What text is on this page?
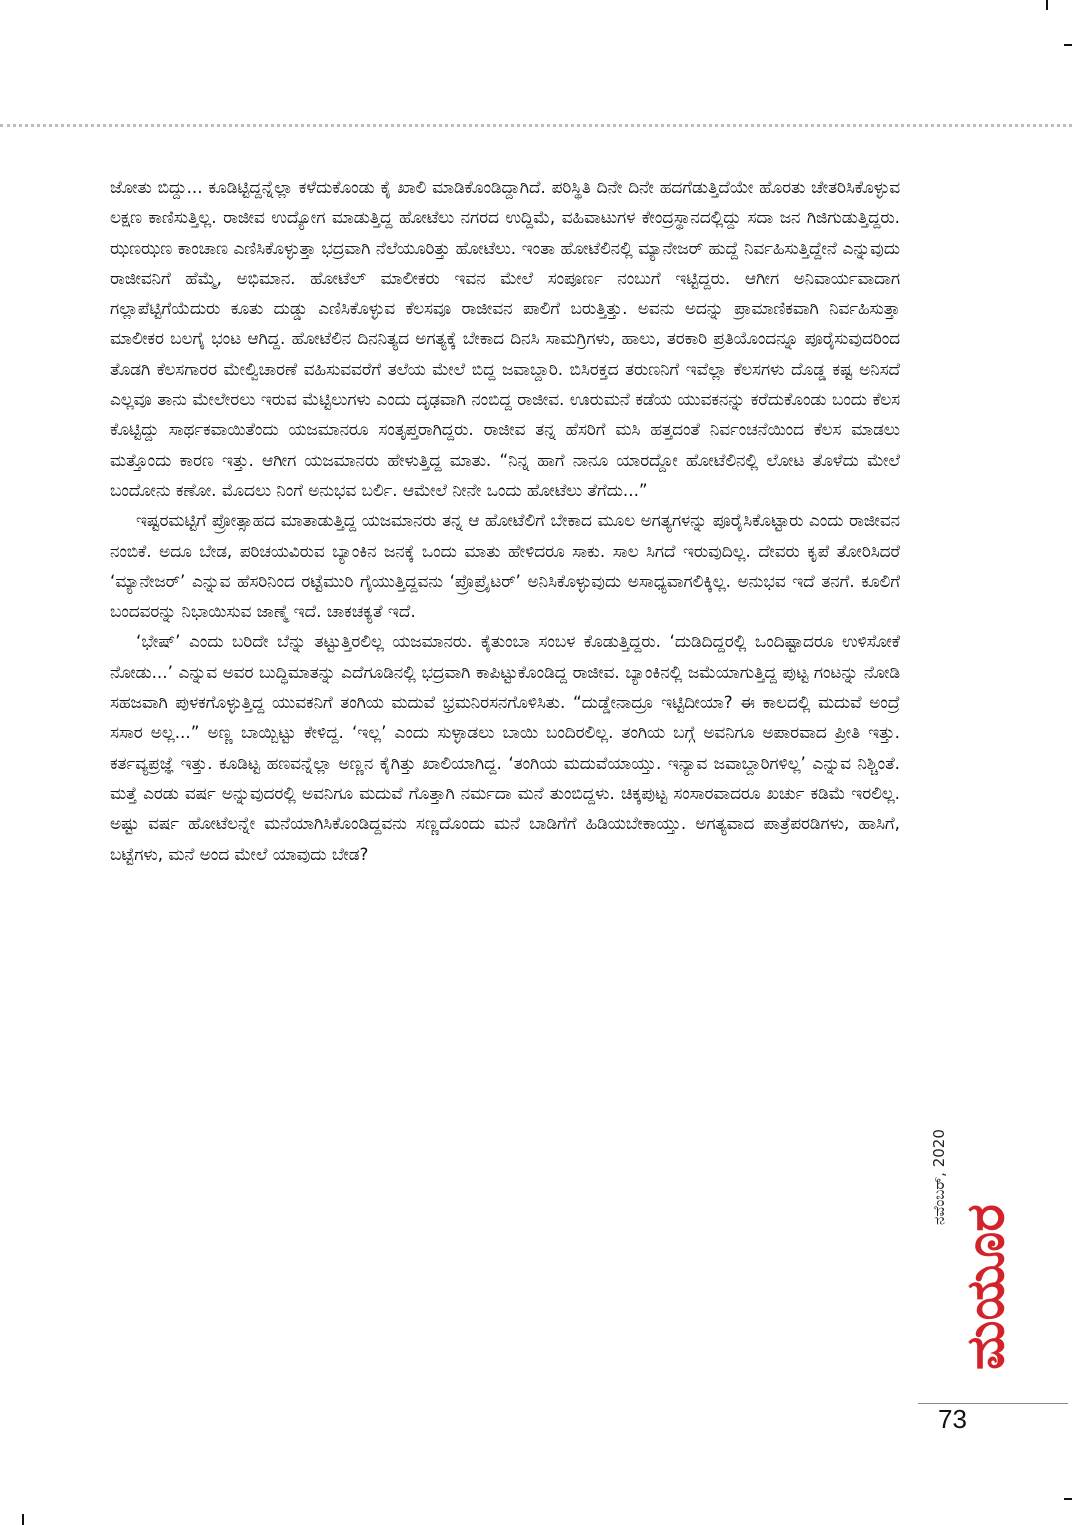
ಜೋತು ಬಿದ್ದು... ಕೂಡಿಟ್ಟಿದ್ದನ್ನೆಲ್ಲಾ ಕಳೆದುಕೊಂಡು ಕೈ ಖಾಲಿ ಮಾಡಿಕೊಂಡಿದ್ದಾಗಿದೆ. ಪರಿಸ್ಥಿತಿ ದಿನೇ ದಿನೇ ಹದಗೆಡುತ್ತಿದೆಯೇ ಹೊರತು ಚೇತರಿಸಿಕೊಳ್ಳುವ ಲಕ್ಷಣ ಕಾಣಿಸುತ್ತಿಲ್ಲ. ರಾಜೀವ ಉದ್ಯೋಗ ಮಾಡುತ್ತಿದ್ದ ಹೋಟೆಲು ನಗರದ ಉದ್ದಿಮೆ, ವಹಿವಾಟುಗಳ ಕೇಂದ್ರಸ್ಥಾನದಲ್ಲಿದ್ದು ಸದಾ ಜನ ಗಿಜಿಗುಡುತ್ತಿದ್ದರು. ಝಣಝಣ ಕಾಂಚಾಣ ಎಣಿಸಿಕೊಳ್ಳುತ್ತಾ ಭದ್ರವಾಗಿ ನೆಲೆಯೂರಿತ್ತು ಹೋಟೆಲು. ಇಂತಾ ಹೋಟೆಲಿನಲ್ಲಿ ಮ್ಯಾನೇಜರ್ ಹುದ್ದೆ ನಿರ್ವಹಿಸುತ್ತಿದ್ದೇನೆ ಎನ್ನುವುದು ರಾಜೀವನಿಗೆ ಹೆಮ್ಮೆ, ಅಭಿಮಾನ. ಹೋಟೆಲ್ ಮಾಲೀಕರು ಇವನ ಮೇಲೆ ಸಂಪೂರ್ಣ ನಂಬುಗೆ ಇಟ್ಟಿದ್ದರು. ಆಗೀಗ ಅನಿವಾರ್ಯವಾದಾಗ ಗಲ್ಲಾಪೆಟ್ಟಿಗೆಯೆದುರು ಕೂತು ದುಡ್ಡು ಎಣಿಸಿಕೊಳ್ಳುವ ಕೆಲಸವೂ ರಾಜೀವನ ಪಾಲಿಗೆ ಬರುತ್ತಿತ್ತು. ಅವನು ಅದನ್ನು ಪ್ರಾಮಾಣಿಕವಾಗಿ ನಿರ್ವಹಿಸುತ್ತಾ ಮಾಲೀಕರ ಬಲಗೈ ಭಂಟ ಆಗಿದ್ದ. ಹೋಟೆಲಿನ ದಿನನಿತ್ಯದ ಅಗತ್ಯಕ್ಕೆ ಬೇಕಾದ ದಿನಸಿ ಸಾಮಗ್ರಿಗಳು, ಹಾಲು, ತರಕಾರಿ ಪ್ರತಿಯೊಂದನ್ನೂ ಪೂರೈಸುವುದರಿಂದ ತೊಡಗಿ ಕೆಲಸಗಾರರ ಮೇಲ್ವಿಚಾರಣೆ ವಹಿಸುವವರೆಗೆ ತಲೆಯ ಮೇಲೆ ಬಿದ್ದ ಜವಾಬ್ದಾರಿ. ಬಿಸಿರಕ್ತದ ತರುಣನಿಗೆ ಇವೆಲ್ಲಾ ಕೆಲಸಗಳು ದೊಡ್ಡ ಕಷ್ಟ ಅನಿಸದೆ ಎಲ್ಲವೂ ತಾನು ಮೇಲೇರಲು ಇರುವ ಮೆಟ್ಟಿಲುಗಳು ಎಂದು ದೃಢವಾಗಿ ನಂಬಿದ್ದ ರಾಜೀವ. ಊರುಮನೆ ಕಡೆಯ ಯುವಕನನ್ನು ಕರೆದುಕೊಂಡು ಬಂದು ಕೆಲಸ ಕೊಟ್ಟಿದ್ದು ಸಾರ್ಥಕವಾಯಿತೆಂದು ಯಜಮಾನರೂ ಸಂತೃಪ್ತರಾಗಿದ್ದರು. ರಾಜೀವ ತನ್ನ ಹೆಸರಿಗೆ ಮಸಿ ಹತ್ತದಂತೆ ನಿರ್ವಂಚನೆಯಿಂದ ಕೆಲಸ ಮಾಡಲು ಮತ್ತೊಂದು ಕಾರಣ ಇತ್ತು. ಆಗೀಗ ಯಜಮಾನರು ಹೇಳುತ್ತಿದ್ದ ಮಾತು. “ನಿನ್ನ ಹಾಗೆ ನಾನೂ ಯಾರದ್ದೋ ಹೋಟೆಲಿನಲ್ಲಿ ಲೋಟ ತೊಳೆದು ಮೇಲೆ ಬಂದೋನು ಕಣೋ. ಮೊದಲು ನಿಂಗೆ ಅನುಭವ ಬರ್ಲಿ. ಆಮೇಲೆ ನೀನೇ ಒಂದು ಹೋಟೆಲು ತೆಗೆದು...”

ಇಷ್ಟರಮಟ್ಟಿಗೆ ಪ್ರೋತ್ಸಾಹದ ಮಾತಾಡುತ್ತಿದ್ದ ಯಜಮಾನರು ತನ್ನ ಆ ಹೋಟೆಲಿಗೆ ಬೇಕಾದ ಮೂಲ ಅಗತ್ಯಗಳನ್ನು ಪೂರೈಸಿಕೊಟ್ಟಾರು ಎಂದು ರಾಜೀವನ ನಂಬಿಕೆ. ಅದೂ ಬೇಡ, ಪರಿಚಯವಿರುವ ಬ್ಯಾಂಕಿನ ಜನಕ್ಕೆ ಒಂದು ಮಾತು ಹೇಳಿದರೂ ಸಾಕು. ಸಾಲ ಸಿಗದೆ ಇರುವುದಿಲ್ಲ. ದೇವರು ಕೃಪೆ ತೋರಿಸಿದರೆ ‘ಮ್ಯಾನೇಜರ್’ ಎನ್ನುವ ಹೆಸರಿನಿಂದ ರಟ್ಟೆಮುರಿ ಗೈಯುತ್ತಿದ್ದವನು ‘ಪ್ರೊಪ್ರೈಟರ್’ ಅನಿಸಿಕೊಳ್ಳುವುದು ಅಸಾಧ್ಯವಾಗಲಿಕ್ಕಿಲ್ಲ. ಅನುಭವ ಇದೆ ತನಗೆ. ಕೂಲಿಗೆ ಬಂದವರನ್ನು ನಿಭಾಯಿಸುವ ಜಾಣ್ಮೆ ಇದೆ. ಚಾಕಚಕ್ಯತೆ ಇದೆ.

‘ಭೇಷ್’ ಎಂದು ಬರಿದೇ ಬೆನ್ನು ತಟ್ಟುತ್ತಿರಲಿಲ್ಲ ಯಜಮಾನರು. ಕೈತುಂಬಾ ಸಂಬಳ ಕೊಡುತ್ತಿದ್ದರು. ‘ದುಡಿದಿದ್ದರಲ್ಲಿ ಒಂದಿಷ್ಟಾದರೂ ಉಳಿಸೋಕೆ ನೋಡು...’ ಎನ್ನುವ ಅವರ ಬುದ್ಧಿಮಾತನ್ನು ಎದೆಗೂಡಿನಲ್ಲಿ ಭದ್ರವಾಗಿ ಕಾಪಿಟ್ಟುಕೊಂಡಿದ್ದ ರಾಜೀವ. ಬ್ಯಾಂಕಿನಲ್ಲಿ ಜಮೆಯಾಗುತ್ತಿದ್ದ ಪುಟ್ಟ ಗಂಟನ್ನು ನೋಡಿ ಸಹಜವಾಗಿ ಪುಳಕಗೊಳ್ಳುತ್ತಿದ್ದ ಯುವಕನಿಗೆ ತಂಗಿಯ ಮದುವೆ ಭ್ರಮನಿರಸನಗೊಳಿಸಿತು. “ದುಡ್ಡೇನಾದ್ರೂ ಇಟ್ಟಿದೀಯಾ? ಈ ಕಾಲದಲ್ಲಿ ಮದುವೆ ಅಂದ್ರೆ ಸಸಾರ ಅಲ್ಲ...” ಅಣ್ಣ ಬಾಯ್ಬಿಟ್ಟು ಕೇಳಿದ್ದ. ‘ಇಲ್ಲ’ ಎಂದು ಸುಳ್ಳಾಡಲು ಬಾಯಿ ಬಂದಿರಲಿಲ್ಲ. ತಂಗಿಯ ಬಗ್ಗೆ ಅವನಿಗೂ ಅಪಾರವಾದ ಪ್ರೀತಿ ಇತ್ತು. ಕರ್ತವ್ಯಪ್ರಜ್ಞೆ ಇತ್ತು. ಕೂಡಿಟ್ಟ ಹಣವನ್ನೆಲ್ಲಾ ಅಣ್ಣನ ಕೈಗಿತ್ತು ಖಾಲಿಯಾಗಿದ್ದ. ‘ತಂಗಿಯ ಮದುವೆಯಾಯ್ತು. ಇನ್ಯಾವ ಜವಾಬ್ದಾರಿಗಳಿಲ್ಲ’ ಎನ್ನುವ ನಿಶ್ಚಿಂತೆ. ಮತ್ತೆ ಎರಡು ವರ್ಷ ಅನ್ನುವುದರಲ್ಲಿ ಅವನಿಗೂ ಮದುವೆ ಗೊತ್ತಾಗಿ ನರ್ಮದಾ ಮನೆ ತುಂಬಿದ್ದಳು. ಚಿಕ್ಕಪುಟ್ಟ ಸಂಸಾರವಾದರೂ ಖರ್ಚು ಕಡಿಮೆ ಇರಲಿಲ್ಲ. ಅಷ್ಟು ವರ್ಷ ಹೋಟೆಲನ್ನೇ ಮನೆಯಾಗಿಸಿಕೊಂಡಿದ್ದವನು ಸಣ್ಣದೊಂದು ಮನೆ ಬಾಡಿಗೆಗೆ ಹಿಡಿಯಬೇಕಾಯ್ತು. ಅಗತ್ಯವಾದ ಪಾತ್ರೆಪರಡಿಗಳು, ಹಾಸಿಗೆ, ಬಟ್ಟೆಗಳು, ಮನೆ ಅಂದ ಮೇಲೆ ಯಾವುದು ಬೇಡ?

ಮಯೂರ
ನವೆಂಬರ್, 2020
73
